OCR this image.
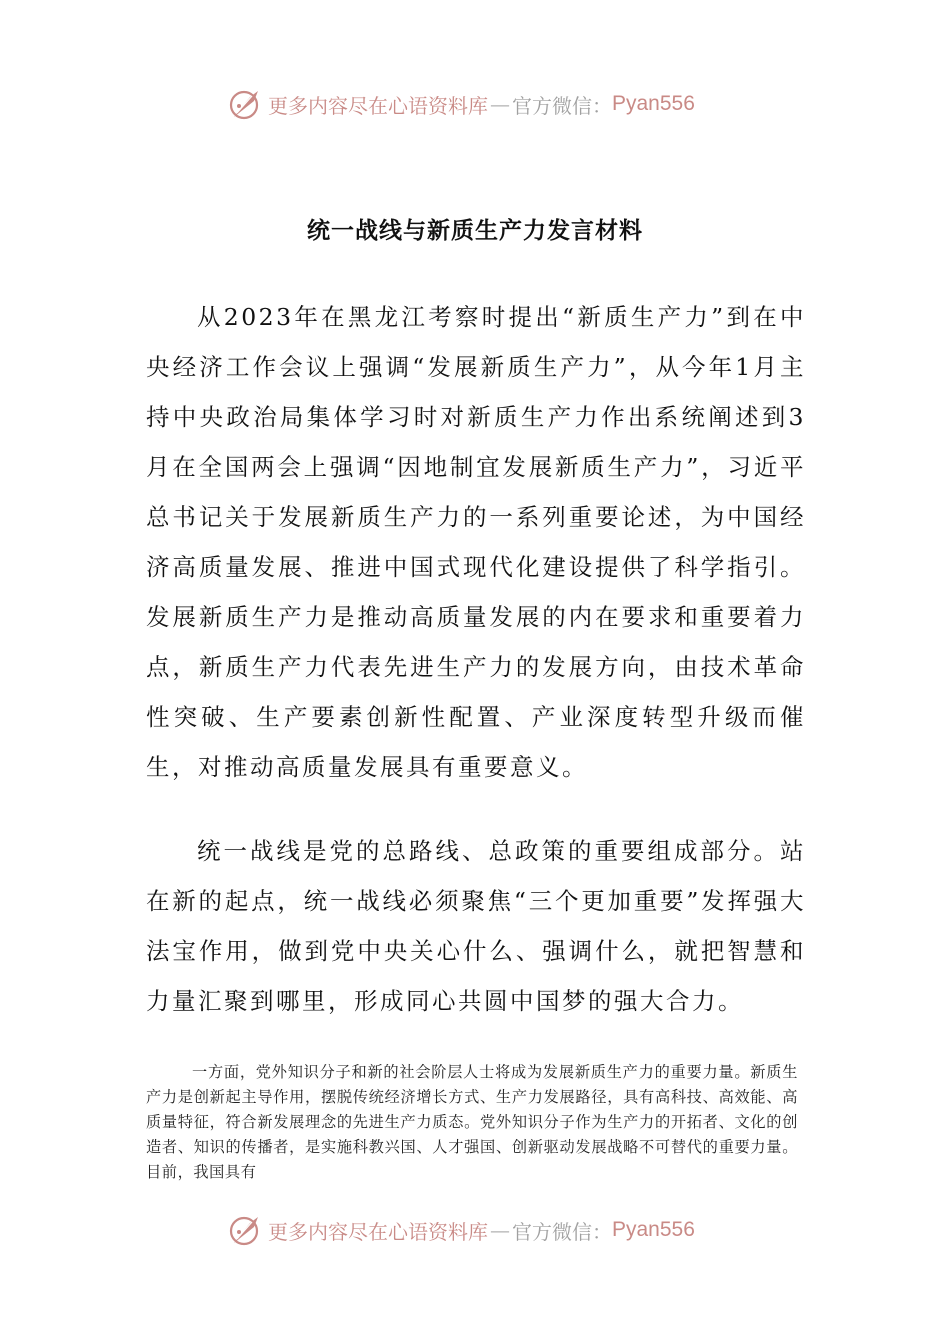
更多内容尽在心语资料库 — 官方微信： Pyan556
统一战线与新质生产力发言材料

从2023年在黑龙江考察时提出“新质生产力”到在中央经济工作会议上强调“发展新质生产力”，从今年1月主持中央政治局集体学习时对新质生产力作出系统阐述到3月在全国两会上强调“因地制宜发展新质生产力”，习近平总书记关于发展新质生产力的一系列重要论述，为中国经济高质量发展、推进中国式现代化建设提供了科学指引。发展新质生产力是推动高质量发展的内在要求和重要着力点，新质生产力代表先进生产力的发展方向，由技术革命性突破、生产要素创新性配置、产业深度转型升级而催生，对推动高质量发展具有重要意义。

统一战线是党的总路线、总政策的重要组成部分。站在新的起点，统一战线必须聚焦“三个更加重要”发挥强大法宝作用，做到党中央关心什么、强调什么，就把智慧和力量汇聚到哪里，形成同心共圆中国梦的强大合力。

一方面，党外知识分子和新的社会阶层人士将成为发展新质生产力的重要力量。新质生产力是创新起主导作用，摆脱传统经济增长方式、生产力发展路径，具有高科技、高效能、高质量特征，符合新发展理念的先进生产力质态。党外知识分子作为生产力的开拓者、文化的创造者、知识的传播者，是实施科教兴国、人才强国、创新驱动发展战略不可替代的重要力量。目前，我国具有

更多内容尽在心语资料库 — 官方微信： Pyan556
